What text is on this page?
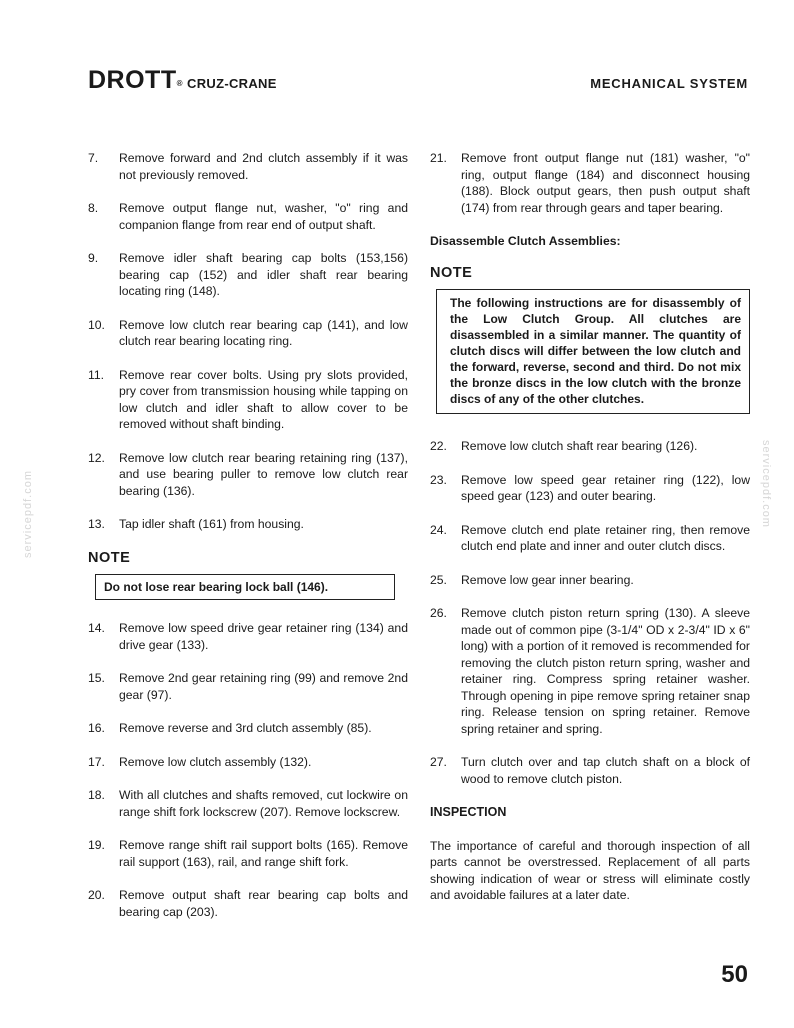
DROTT® CRUZ-CRANE	MECHANICAL SYSTEM
servicepdf.com	servicepdf.com
7.	Remove forward and 2nd clutch assembly if it was not previously removed.
8.	Remove output flange nut, washer, "o" ring and companion flange from rear end of output shaft.
9.	Remove idler shaft bearing cap bolts (153,156) bearing cap (152) and idler shaft rear bearing locating ring (148).
10.	Remove low clutch rear bearing cap (141), and low clutch rear bearing locating ring.
11.	Remove rear cover bolts. Using pry slots provided, pry cover from transmission housing while tapping on low clutch and idler shaft to allow cover to be removed without shaft binding.
12.	Remove low clutch rear bearing retaining ring (137), and use bearing puller to remove low clutch rear bearing (136).
13.	Tap idler shaft (161) from housing.
NOTE
Do not lose rear bearing lock ball (146).
14.	Remove low speed drive gear retainer ring (134) and drive gear (133).
15.	Remove 2nd gear retaining ring (99) and remove 2nd gear (97).
16.	Remove reverse and 3rd clutch assembly (85).
17.	Remove low clutch assembly (132).
18.	With all clutches and shafts removed, cut lockwire on range shift fork lockscrew (207). Remove lockscrew.
19.	Remove range shift rail support bolts (165). Remove rail support (163), rail, and range shift fork.
20.	Remove output shaft rear bearing cap bolts and bearing cap (203).
21.	Remove front output flange nut (181) washer, "o" ring, output flange (184) and disconnect housing (188). Block output gears, then push output shaft (174) from rear through gears and taper bearing.
Disassemble Clutch Assemblies:
NOTE
The following instructions are for disassembly of the Low Clutch Group. All clutches are disassembled in a similar manner. The quantity of clutch discs will differ between the low clutch and the forward, reverse, second and third. Do not mix the bronze discs in the low clutch with the bronze discs of any of the other clutches.
22.	Remove low clutch shaft rear bearing (126).
23.	Remove low speed gear retainer ring (122), low speed gear (123) and outer bearing.
24.	Remove clutch end plate retainer ring, then remove clutch end plate and inner and outer clutch discs.
25.	Remove low gear inner bearing.
26.	Remove clutch piston return spring (130). A sleeve made out of common pipe (3-1/4" OD x 2-3/4" ID x 6" long) with a portion of it removed is recommended for removing the clutch piston return spring, washer and retainer ring. Compress spring retainer washer. Through opening in pipe remove spring retainer snap ring. Release tension on spring retainer. Remove spring retainer and spring.
27.	Turn clutch over and tap clutch shaft on a block of wood to remove clutch piston.
INSPECTION
The importance of careful and thorough inspection of all parts cannot be overstressed. Replacement of all parts showing indication of wear or stress will eliminate costly and avoidable failures at a later date.
50
